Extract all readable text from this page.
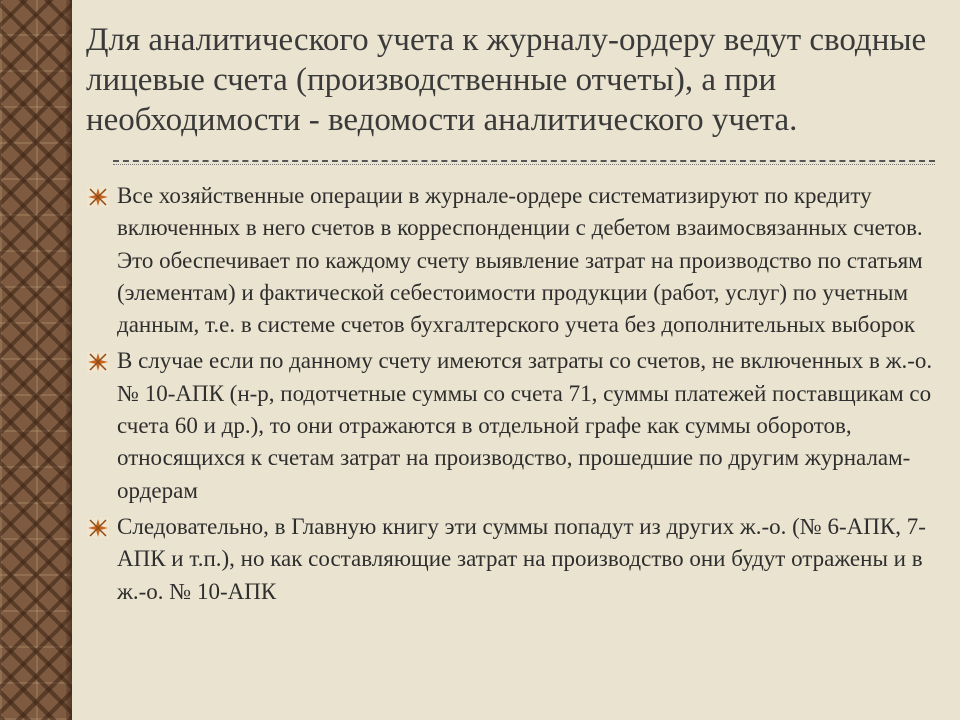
Для аналитического учета к журналу-ордеру ведут сводные лицевые счета (производственные отчеты), а при необходимости - ведомости аналитического учета.
Все хозяйственные операции в журнале-ордере систематизируют по кредиту включенных в него счетов в корреспонденции с дебетом взаимосвязанных счетов. Это обеспечивает по каждому счету выявление затрат на производство по статьям (элементам) и фактической себестоимости продукции (работ, услуг) по учетным данным, т.е. в системе счетов бухгалтерского учета без дополнительных выборок
В случае если по данному счету имеются затраты со счетов, не включенных в ж.-о. № 10-АПК (н-р, подотчетные суммы со счета 71, суммы платежей поставщикам со счета 60 и др.), то они отражаются в отдельной графе как суммы оборотов, относящихся к счетам затрат на производство, прошедшие по другим журналам-ордерам
Следовательно, в Главную книгу эти суммы попадут из других ж.-о. (№ 6-АПК, 7-АПК и т.п.), но как составляющие затрат на производство они будут отражены и в ж.-о. № 10-АПК
